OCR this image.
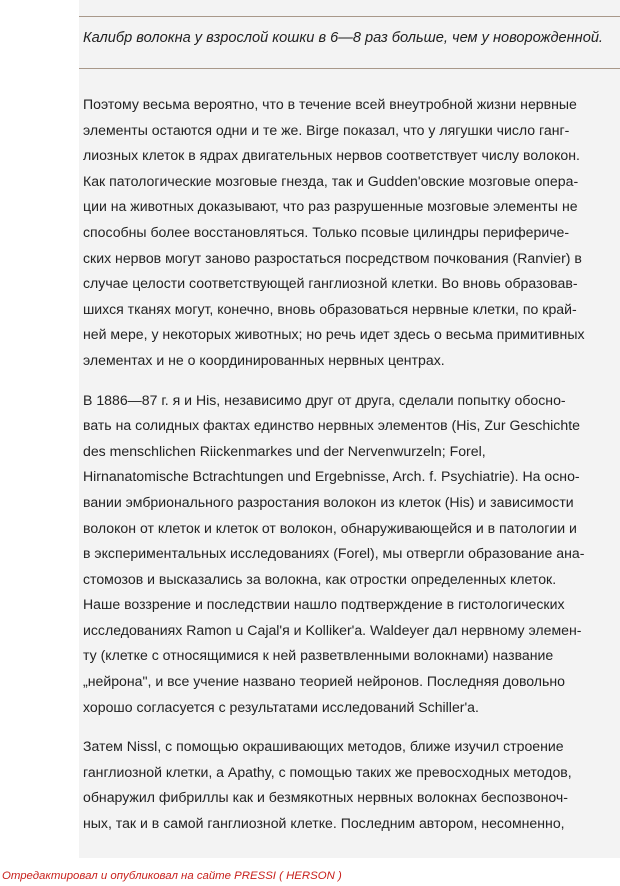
Калибр волокна у взрослой кошки в 6—8 раз больше, чем у новорожденной.

Поэтому весьма вероятно, что в течение всей внеутробной жизни нервные
элементы остаются одни и те же. Birge показал, что у лягушки число ганг-
лиозных клеток в ядрах двигательных нервов соответствует числу волокон.
Как патологические мозговые гнезда, так и Gudden'овские мозговые опера-
ции на животных доказывают, что раз разрушенные мозговые элементы не
способны более восстановляться. Только псовые цилиндры перифериче-
ских нервов могут заново разростаться посредством почкования (Ranvier) в
случае целости соответствующей ганглиозной клетки. Во вновь образовав-
шихся тканях могут, конечно, вновь образоваться нервные клетки, по край-
ней мере, у некоторых животных; но речь идет здесь о весьма примитивных
элементах и не о координированных нервных центрах.

В 1886—87 г. я и His, независимо друг от друга, сделали попытку обосно-
вать на солидных фактах единство нервных элементов (His, Zur Geschichte
des menschlichen Riickenmarkes und der Nervenwurzeln; Forel,
Hirnanatomische Bctrachtungen und Ergebnisse, Arch. f. Psychiatrie). На осно-
вании эмбрионального разростания волокон из клеток (His) и зависимости
волокон от клеток и клеток от волокон, обнаруживающейся и в патологии и
в экспериментальных исследованиях (Forel), мы отвергли образование ана-
стомозов и высказались за волокна, как отростки определенных клеток.
Наше воззрение и последствии нашло подтверждение в гистологических
исследованиях Ramon u Cajal'я и Kolliker'a. Waldeyer дал нервному элемен-
ту (клетке с относящимися к ней разветвленными волокнами) название
„нейрона", и все учение названо теорией нейронов. Последняя довольно
хорошо согласуется с результатами исследований Schiller'a.

Затем Nissl, с помощью окрашивающих методов, ближе изучил строение
ганглиозной клетки, а Apathy, с помощью таких же превосходных методов,
обнаружил фибриллы как и безмякотных нервных волокнах беспозвоноч-
ных, так и в самой ганглиозной клетке. Последним автором, несомненно,

Отредактировал и опубликовал на сайте PRESSI ( HERSON )
